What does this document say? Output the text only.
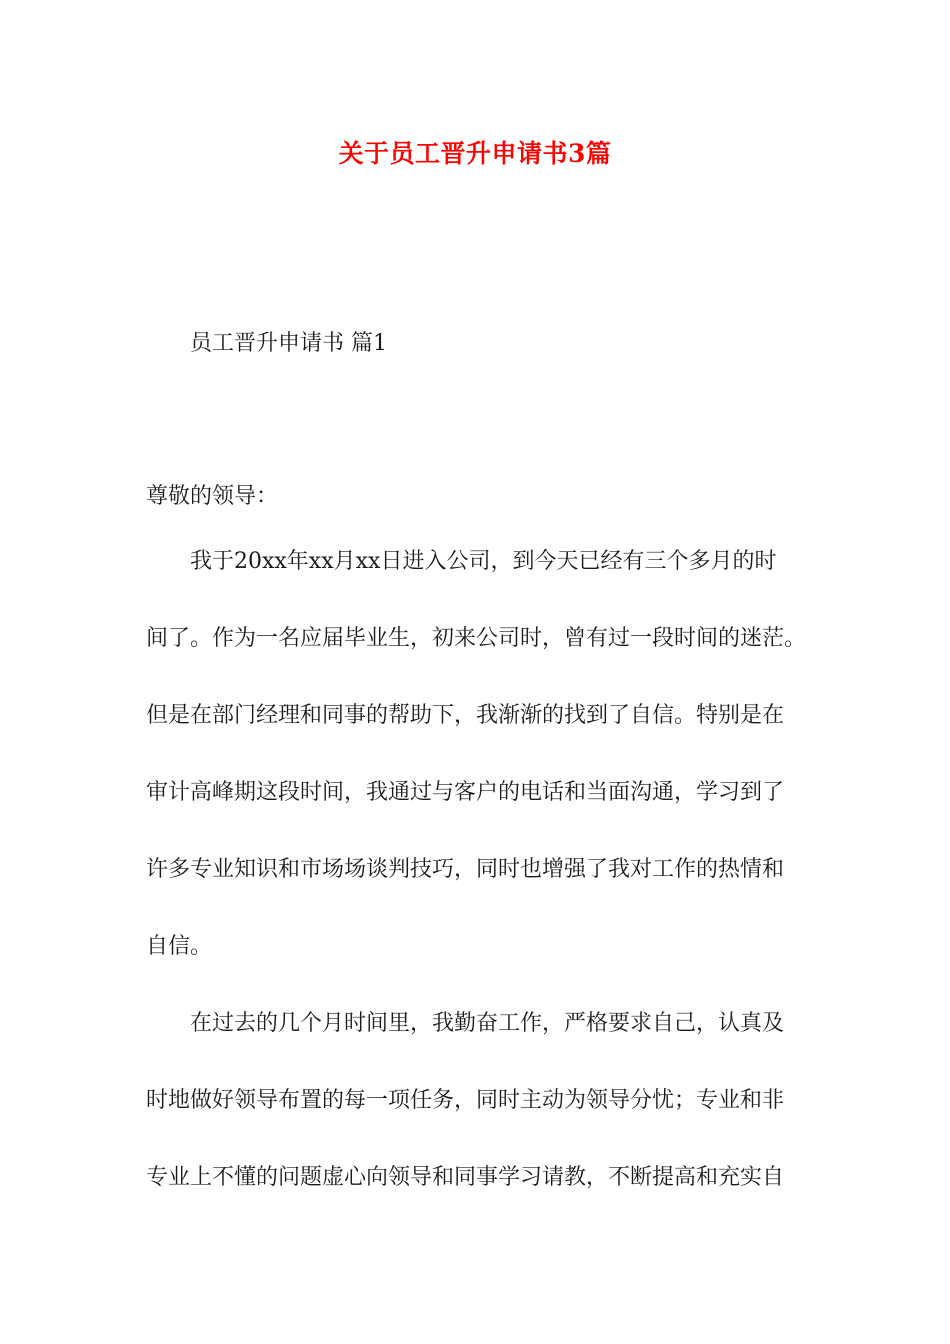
关于员工晋升申请书3篇
员工晋升申请书 篇1
尊敬的领导：
我于20xx年xx月xx日进入公司，到今天已经有三个多月的时
间了。作为一名应届毕业生，初来公司时，曾有过一段时间的迷茫。
但是在部门经理和同事的帮助下，我渐渐的找到了自信。特别是在
审计高峰期这段时间，我通过与客户的电话和当面沟通，学习到了
许多专业知识和市场场谈判技巧，同时也增强了我对工作的热情和
自信。
在过去的几个月时间里，我勤奋工作，严格要求自己，认真及
时地做好领导布置的每一项任务，同时主动为领导分忧；专业和非
专业上不懂的问题虚心向领导和同事学习请教，不断提高和充实自
